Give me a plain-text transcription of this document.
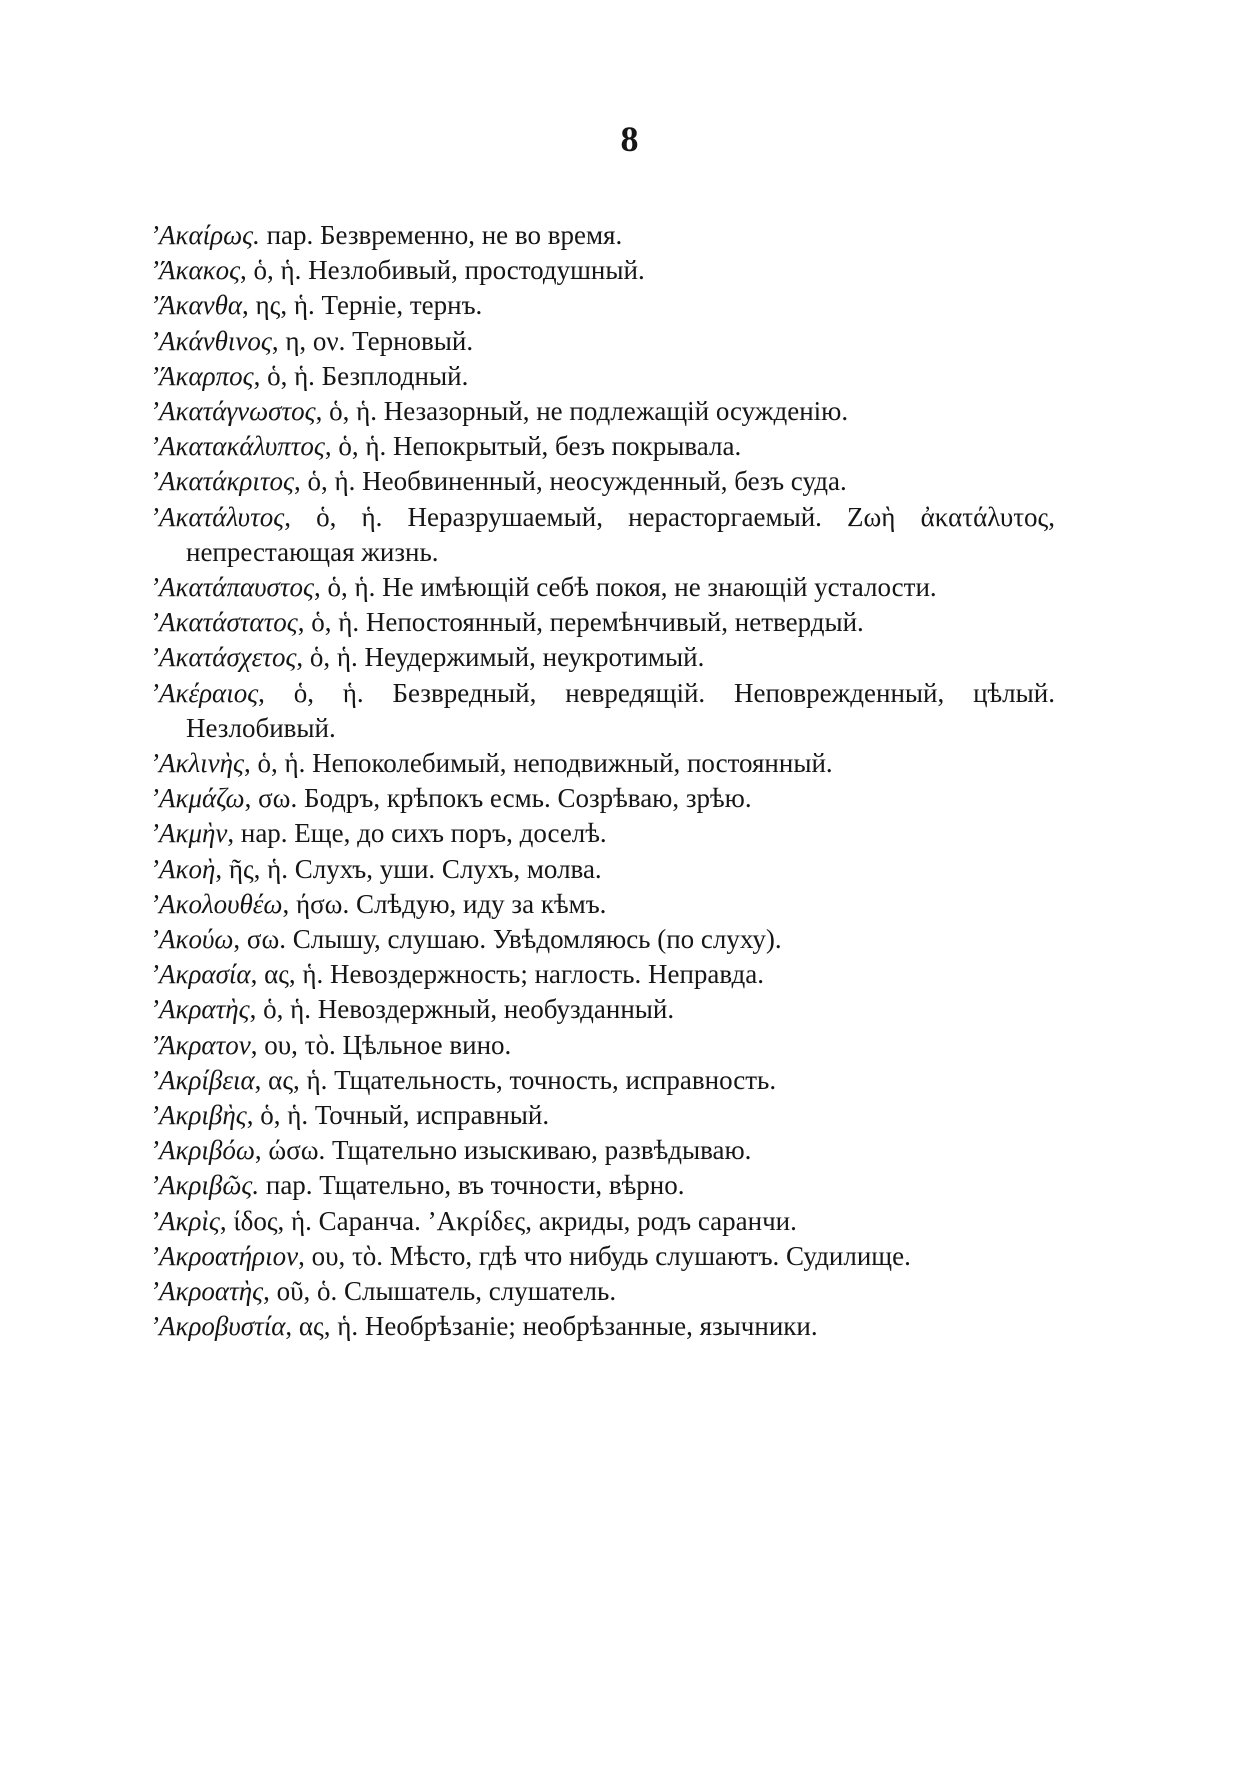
8

’Ακαίρως. пар. Безвременно, не во время.

’Άκακος, ὁ, ἡ. Незлобивый, простодушный.

’Άκανθα, ης, ἡ. Терніе, тернъ.

’Ακάνθινος, η, ον. Терновый.

’Άκαρπος, ὁ, ἡ. Безплодный.

’Ακατάγνωστος, ὁ, ἡ. Незазорный, не подлежащій осужденію.

’Ακατακάλυπτος, ὁ, ἡ. Непокрытый, безъ покрывала.

’Ακατάκριτος, ὁ, ἡ. Необвиненный, неосужденный, безъ суда.

’Ακατάλυτος, ὁ, ἡ. Неразрушаемый, нерасторгаемый. Ζωὴ ἀκατάλυτος, непрестающая жизнь.

’Ακατάπαυστος, ὁ, ἡ. Не имѣющій себѣ покоя, не знающій усталости.

’Ακατάστατος, ὁ, ἡ. Непостоянный, перемѣнчивый, нетвердый.

’Ακατάσχετος, ὁ, ἡ. Неудержимый, неукротимый.

’Ακέραιος, ὁ, ἡ. Безвредный, невредящій. Неповрежденный, цѣлый. Незлобивый.

’Ακλινὴς, ὁ, ἡ. Непоколебимый, неподвижный, постоянный.

’Ακμάζω, σω. Бодръ, крѣпокъ есмь. Созрѣваю, зрѣю.

’Ακμὴν, нар. Еще, до сихъ поръ, доселѣ.

’Ακοὴ, ῆς, ἡ. Слухъ, уши. Слухъ, молва.

’Ακολουθέω, ήσω. Слѣдую, иду за кѣмъ.

’Ακούω, σω. Слышу, слушаю. Увѣдомляюсь (по слуху).

’Ακρασία, ας, ἡ. Невоздержность; наглость. Неправда.

’Ακρατὴς, ὁ, ἡ. Невоздержный, необузданный.

’Άκρατον, ου, τὸ. Цѣльное вино.

’Ακρίβεια, ας, ἡ. Тщательность, точность, исправность.

’Ακριβὴς, ὁ, ἡ. Точный, исправный.

’Ακριβόω, ώσω. Тщательно изыскиваю, развѣдываю.

’Ακριβῶς. пар. Тщательно, въ точности, вѣрно.

’Ακρὶς, ίδος, ἡ. Саранча. ’Ακρίδες, акриды, родъ саранчи.

’Ακροατήριον, ου, τὸ. Мѣсто, гдѣ что нибудь слушаютъ. Судилище.

’Ακροατὴς, οῦ, ὁ. Слышатель, слушатель.

’Ακροβυστία, ας, ἡ. Необрѣзаніе; необрѣзанные, язычники.
